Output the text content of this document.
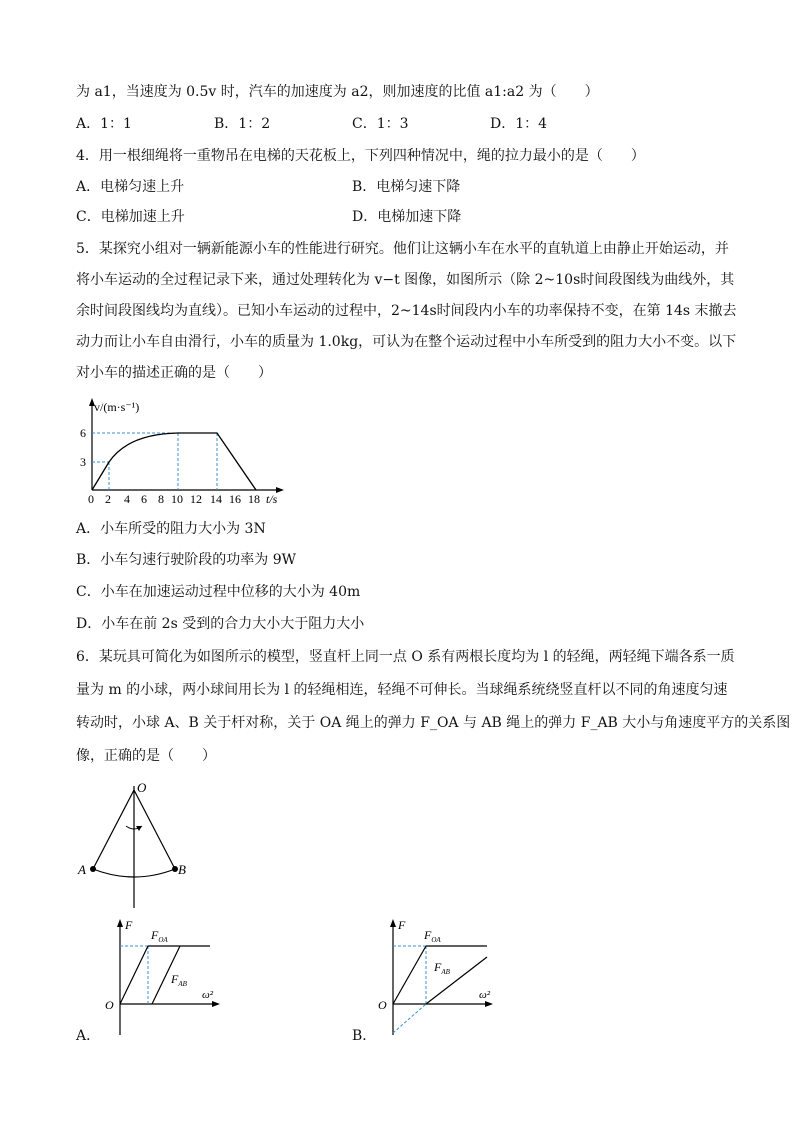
为 a1，当速度为 0.5v 时，汽车的加速度为 a2，则加速度的比值 a1:a2 为（　　）
A．1：1	B．1：2	C．1：3	D．1：4
4．用一根细绳将一重物吊在电梯的天花板上，下列四种情况中，绳的拉力最小的是（　　）
A．电梯匀速上升	B．电梯匀速下降
C．电梯加速上升	D．电梯加速下降
5．某探究小组对一辆新能源小车的性能进行研究。他们让这辆小车在水平的直轨道上由静止开始运动，并
将小车运动的全过程记录下来，通过处理转化为 v−t 图像，如图所示（除 2~10s时间段图线为曲线外，其
余时间段图线均为直线）。已知小车运动的过程中，2~14s时间段内小车的功率保持不变，在第 14s 末撤去
动力而让小车自由滑行，小车的质量为 1.0kg，可认为在整个运动过程中小车所受到的阻力大小不变。以下
对小车的描述正确的是（　　）
v/(m·s⁻¹)
6
3
0 2 4 6 8 10 12 14 16 18 t/s
A．小车所受的阻力大小为 3N
B．小车匀速行驶阶段的功率为 9W
C．小车在加速运动过程中位移的大小为 40m
D．小车在前 2s 受到的合力大小大于阻力大小
6．某玩具可简化为如图所示的模型，竖直杆上同一点 O 系有两根长度均为 l 的轻绳，两轻绳下端各系一质
量为 m 的小球，两小球间用长为 l 的轻绳相连，轻绳不可伸长。当球绳系统绕竖直杆以不同的角速度匀速
转动时，小球 A、B 关于杆对称，关于 OA 绳上的弹力 F_OA 与 AB 绳上的弹力 F_AB 大小与角速度平方的关系图
像，正确的是（　　）
O
A	B
F
O
ω²
$F_{OA}$
$F_{AB}$
A．
F
O
ω²
$F_{OA}$
$F_{AB}$
B．
